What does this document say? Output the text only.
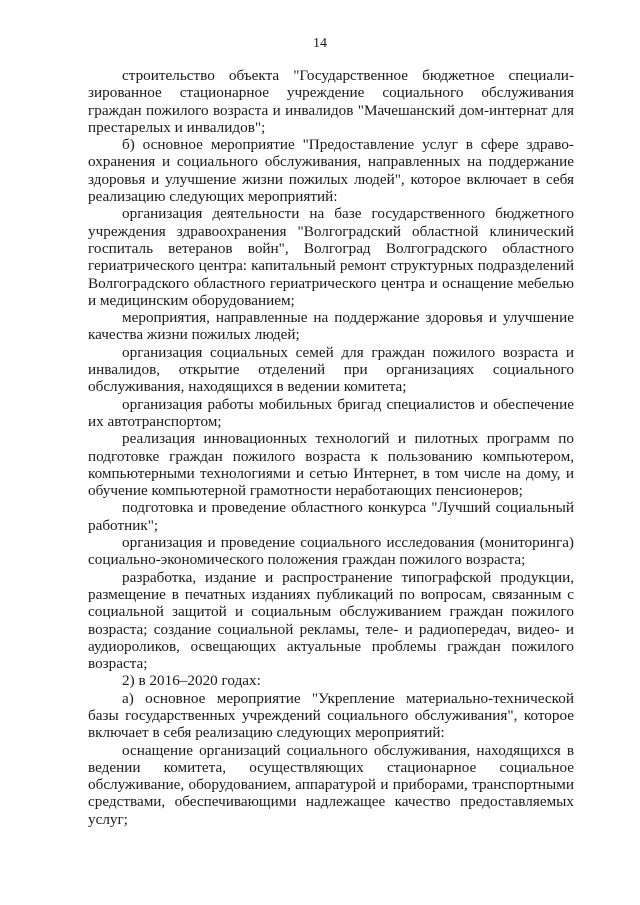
14

строительство объекта "Государственное бюджетное специали-зированное стационарное учреждение социального обслуживания граждан пожилого возраста и инвалидов "Мачешанский дом-интернат для престарелых и инвалидов";

б) основное мероприятие "Предоставление услуг в сфере здраво-охранения и социального обслуживания, направленных на поддержание здоровья и улучшение жизни пожилых людей", которое включает в себя реализацию следующих мероприятий:

организация деятельности на базе государственного бюджетного учреждения здравоохранения "Волгоградский областной клинический госпиталь ветеранов войн", Волгоград Волгоградского областного гериатрического центра: капитальный ремонт структурных подразделений Волгоградского областного гериатрического центра и оснащение мебелью и медицинским оборудованием;

мероприятия, направленные на поддержание здоровья и улучшение качества жизни пожилых людей;

организация социальных семей для граждан пожилого возраста и инвалидов, открытие отделений при организациях социального обслуживания, находящихся в ведении комитета;

организация работы мобильных бригад специалистов и обеспечение их автотранспортом;

реализация инновационных технологий и пилотных программ по подготовке граждан пожилого возраста к пользованию компьютером, компьютерными технологиями и сетью Интернет, в том числе на дому, и обучение компьютерной грамотности неработающих пенсионеров;

подготовка и проведение областного конкурса "Лучший социальный работник";

организация и проведение социального исследования (мониторинга) социально-экономического положения граждан пожилого возраста;

разработка, издание и распространение типографской продукции, размещение в печатных изданиях публикаций по вопросам, связанным с социальной защитой и социальным обслуживанием граждан пожилого возраста; создание социальной рекламы, теле- и радиопередач, видео- и аудиороликов, освещающих актуальные проблемы граждан пожилого возраста;

2) в 2016–2020 годах:

а) основное мероприятие "Укрепление материально-технической базы государственных учреждений социального обслуживания", которое включает в себя реализацию следующих мероприятий:

оснащение организаций социального обслуживания, находящихся в ведении комитета, осуществляющих стационарное социальное обслуживание, оборудованием, аппаратурой и приборами, транспортными средствами, обеспечивающими надлежащее качество предоставляемых услуг;
